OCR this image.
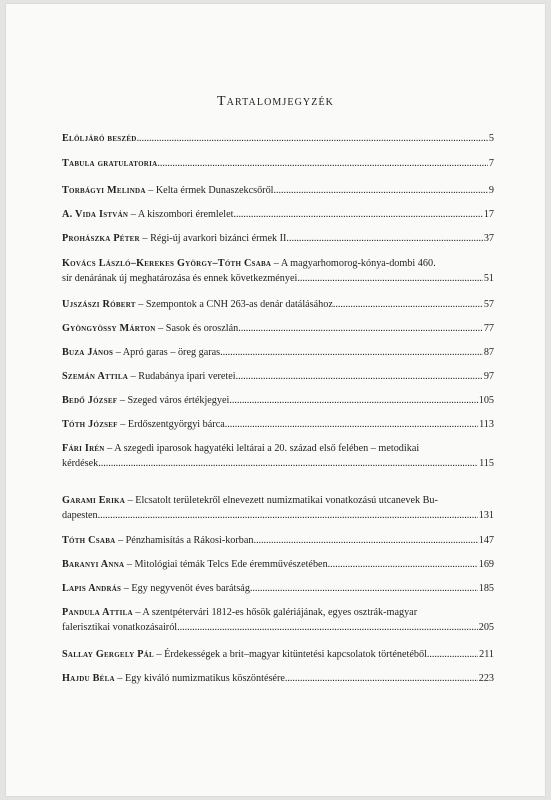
Tartalomjegyzék
Elöljáró beszéd . . .	5
Tabula gratulatoria . . .	7
Torbágyi Melinda – Kelta érmek Dunaszekcsőről . . .	9
A. Vida István – A kiszombori éremlelet . . .	17
Prohászka Péter – Régi-új avarkori bizánci érmek II. . . .	37
Kovács László–Kerekes György–Tóth Csaba – A magyarhomorog-kónya-dombi 460.
sír denárának új meghatározása és ennek következményei . . .	51
Ujszászi Róbert – Szempontok a CNH 263-as denár datálásához . . .	57
Gyöngyössy Márton – Sasok és oroszlán . . .	77
Buza János – Apró garas – öreg garas . . .	87
Szemán Attila – Rudabánya ipari veretei . . .	97
Bedő József – Szeged város értékjegyei . . .	105
Tóth József – Erdőszentgyörgyi bárca . . .	113
Fári Irén – A szegedi iparosok hagyatéki leltárai a 20. század első felében – metodikai
kérdések . . .	115
Garami Erika – Elcsatolt területekről elnevezett numizmatikai vonatkozású utcanevek Bu-
dapesten . . .	131
Tóth Csaba – Pénzhamisítás a Rákosi-korban . . .	147
Baranyi Anna – Mitológiai témák Telcs Ede éremművészetében . . .	169
Lapis András – Egy negyvenöt éves barátság . . .	185
Pandula Attila – A szentpétervári 1812-es hősök galériájának, egyes osztrák-magyar
falerisztikai vonatkozásairól . . .	205
Sallay Gergely Pál – Érdekességek a brit–magyar kitüntetési kapcsolatok történetéből . . .	211
Hajdu Béla – Egy kiváló numizmatikus köszöntésére . . .	223
